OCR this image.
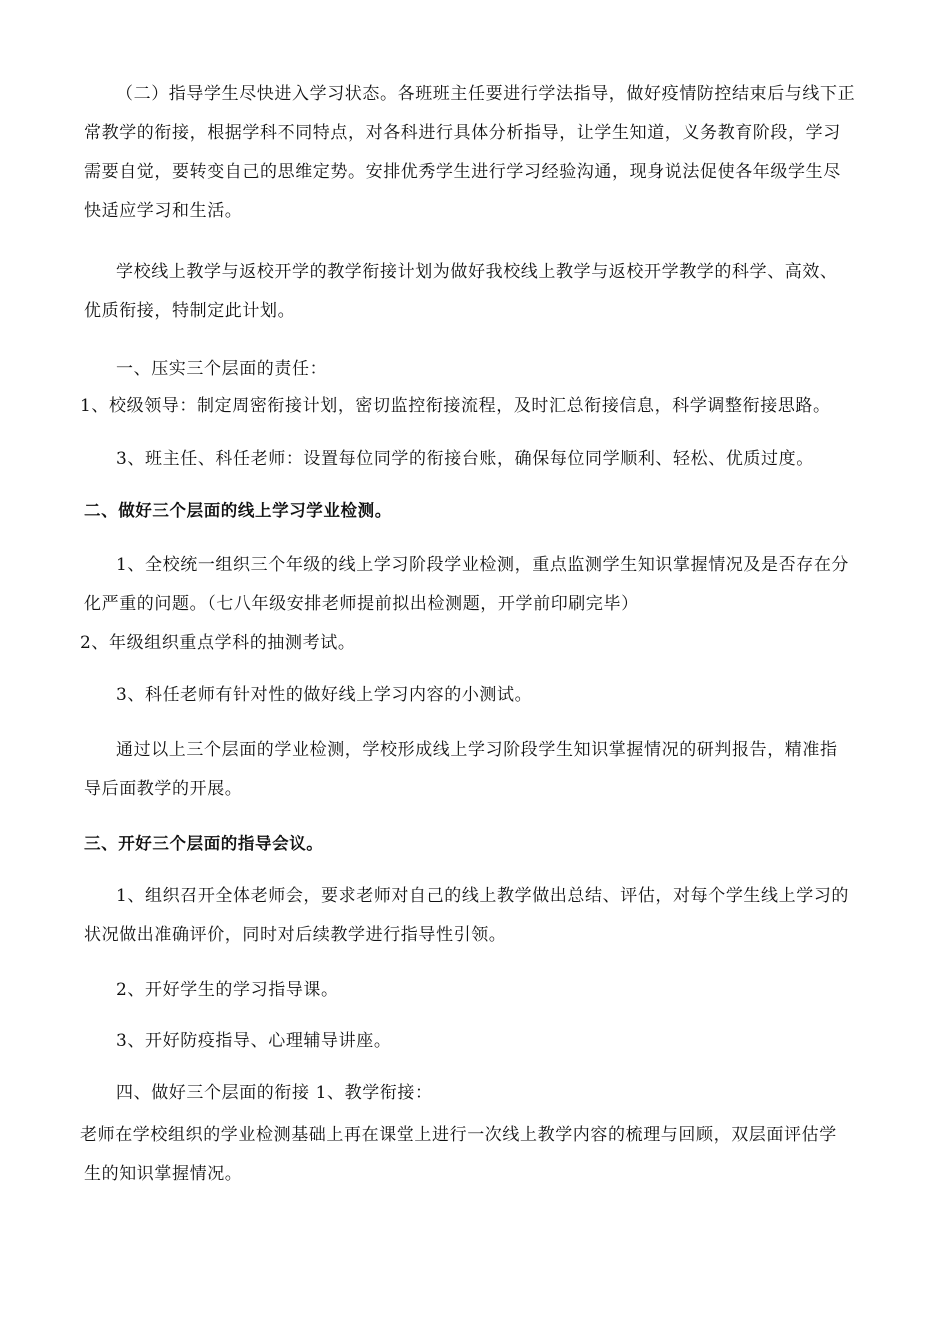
（二）指导学生尽快进入学习状态。各班班主任要进行学法指导，做好疫情防控结束后与线下正
常教学的衔接，根据学科不同特点，对各科进行具体分析指导，让学生知道，义务教育阶段，学习
需要自觉，要转变自己的思维定势。安排优秀学生进行学习经验沟通，现身说法促使各年级学生尽
快适应学习和生活。
学校线上教学与返校开学的教学衔接计划为做好我校线上教学与返校开学教学的科学、高效、
优质衔接，特制定此计划。
一、压实三个层面的责任：
1、校级领导：制定周密衔接计划，密切监控衔接流程，及时汇总衔接信息，科学调整衔接思路。
3、班主任、科任老师：设置每位同学的衔接台账，确保每位同学顺利、轻松、优质过度。
二、做好三个层面的线上学习学业检测。
1、全校统一组织三个年级的线上学习阶段学业检测，重点监测学生知识掌握情况及是否存在分
化严重的问题。（七八年级安排老师提前拟出检测题，开学前印刷完毕）
2、年级组织重点学科的抽测考试。
3、科任老师有针对性的做好线上学习内容的小测试。
通过以上三个层面的学业检测，学校形成线上学习阶段学生知识掌握情况的研判报告，精准指
导后面教学的开展。
三、开好三个层面的指导会议。
1、组织召开全体老师会，要求老师对自己的线上教学做出总结、评估，对每个学生线上学习的
状况做出准确评价，同时对后续教学进行指导性引领。
2、开好学生的学习指导课。
3、开好防疫指导、心理辅导讲座。
四、做好三个层面的衔接 1、教学衔接：
老师在学校组织的学业检测基础上再在课堂上进行一次线上教学内容的梳理与回顾，双层面评估学
生的知识掌握情况。
